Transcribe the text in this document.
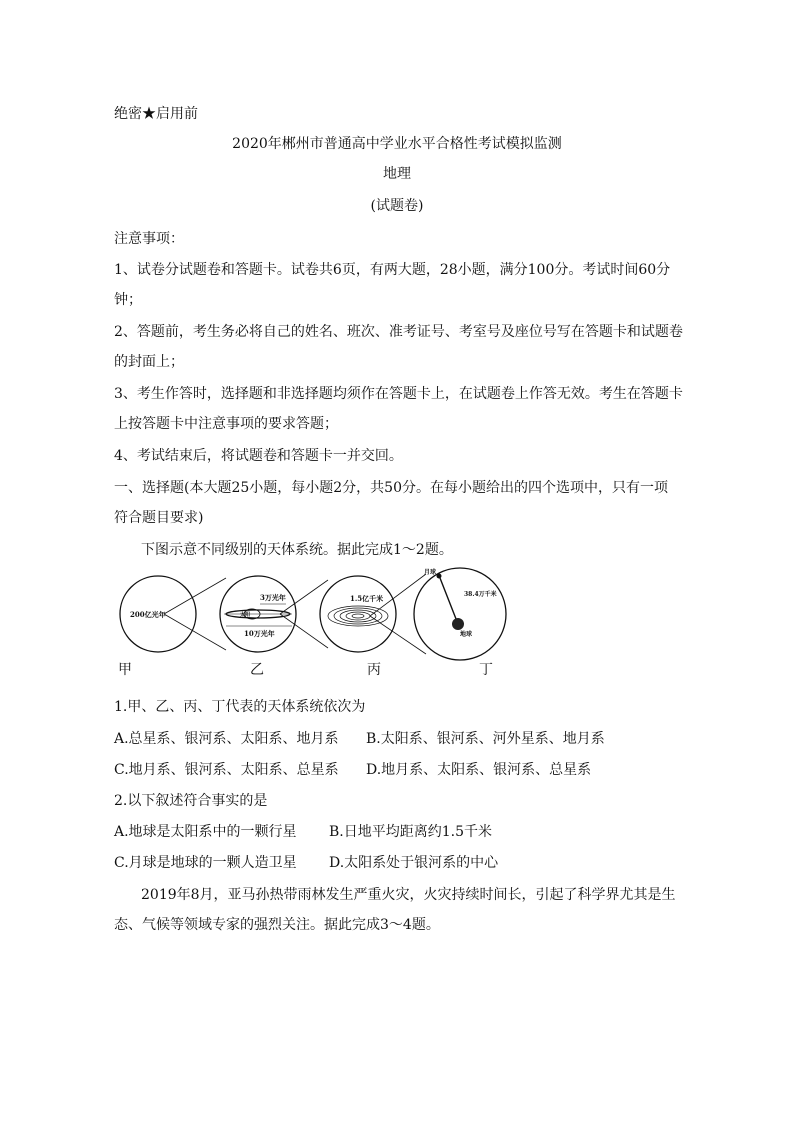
绝密★启用前
2020年郴州市普通高中学业水平合格性考试模拟监测
地理
(试题卷)
注意事项：
1、试卷分试题卷和答题卡。试卷共6页，有两大题，28小题，满分100分。考试时间60分
钟；
2、答题前，考生务必将自己的姓名、班次、准考证号、考室号及座位号写在答题卡和试题卷
的封面上；
3、考生作答时，选择题和非选择题均须作在答题卡上，在试题卷上作答无效。考生在答题卡
上按答题卡中注意事项的要求答题；
4、考试结束后，将试题卷和答题卡一并交回。
一、选择题(本大题25小题，每小题2分，共50分。在每小题给出的四个选项中，只有一项
符合题目要求)
下图示意不同级别的天体系统。据此完成1～2题。
200亿光年
3万光年
太阳
10万光年
1.5亿千米
月球
38.4万千米
地球
甲	乙	丙	丁
1.甲、乙、丙、丁代表的天体系统依次为
A.总星系、银河系、太阳系、地月系 B.太阳系、银河系、河外星系、地月系
C.地月系、银河系、太阳系、总星系 D.地月系、太阳系、银河系、总星系
2.以下叙述符合事实的是
A.地球是太阳系中的一颗行星 B.日地平均距离约1.5千米
C.月球是地球的一颗人造卫星 D.太阳系处于银河系的中心
2019年8月，亚马孙热带雨林发生严重火灾，火灾持续时间长，引起了科学界尤其是生
态、气候等领域专家的强烈关注。据此完成3～4题。
